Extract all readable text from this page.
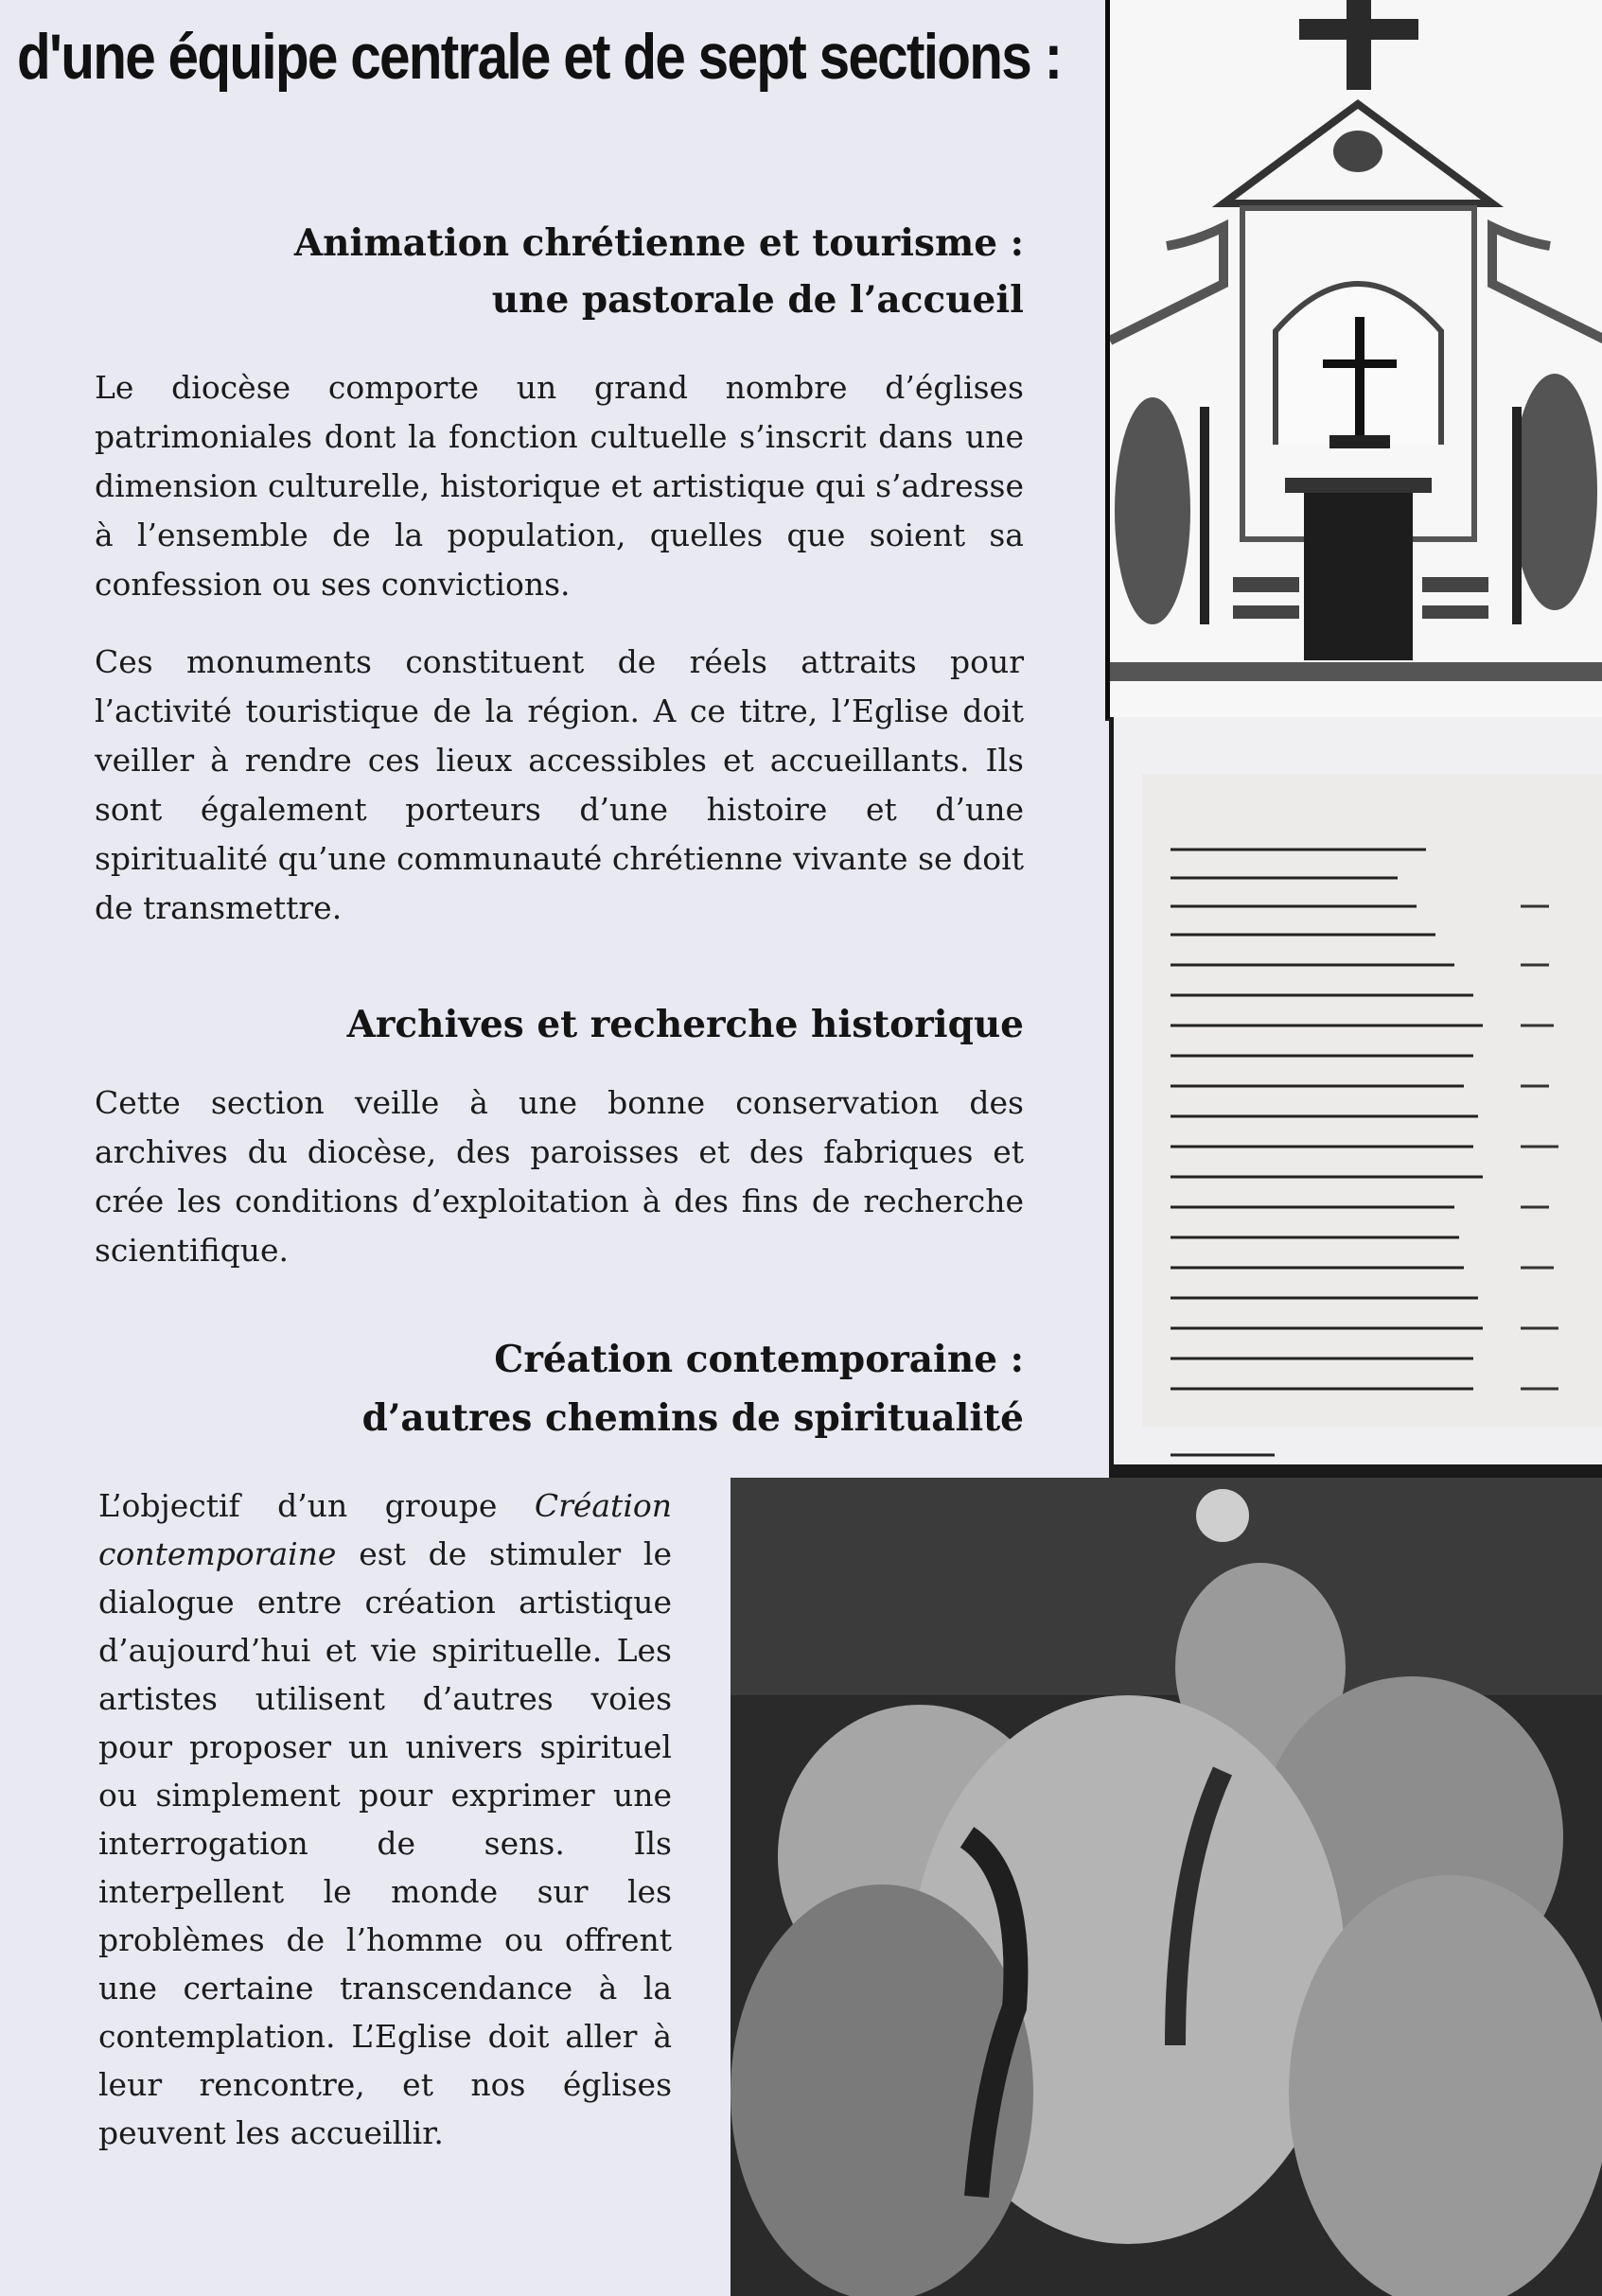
d'une équipe centrale et de sept sections :
Animation chrétienne et tourisme :
une pastorale de l’accueil

Le diocèse comporte un grand nombre d’églises patrimoniales dont la fonction cultuelle s’inscrit dans une dimension culturelle, historique et artistique qui s’adresse à l’ensemble de la population, quelles que soient sa confession ou ses convictions.

Ces monuments constituent de réels attraits pour l’activité touristique de la région. A ce titre, l’Eglise doit veiller à rendre ces lieux accessibles et accueillants. Ils sont également porteurs d’une histoire et d’une spiritualité qu’une communauté chrétienne vivante se doit de transmettre.

Archives et recherche historique

Cette section veille à une bonne conservation des archives du diocèse, des paroisses et des fabriques et crée les conditions d’exploitation à des fins de recherche scientifique.

Création contemporaine :
d’autres chemins de spiritualité

L’objectif d’un groupe Création contemporaine est de stimuler le dialogue entre création artistique d’aujourd’hui et vie spirituelle. Les artistes utilisent d’autres voies pour proposer un univers spirituel ou simplement pour exprimer une interrogation de sens. Ils interpellent le monde sur les problèmes de l’homme ou offrent une certaine transcendance à la contemplation. L’Eglise doit aller à leur rencontre, et nos églises peuvent les accueillir.
